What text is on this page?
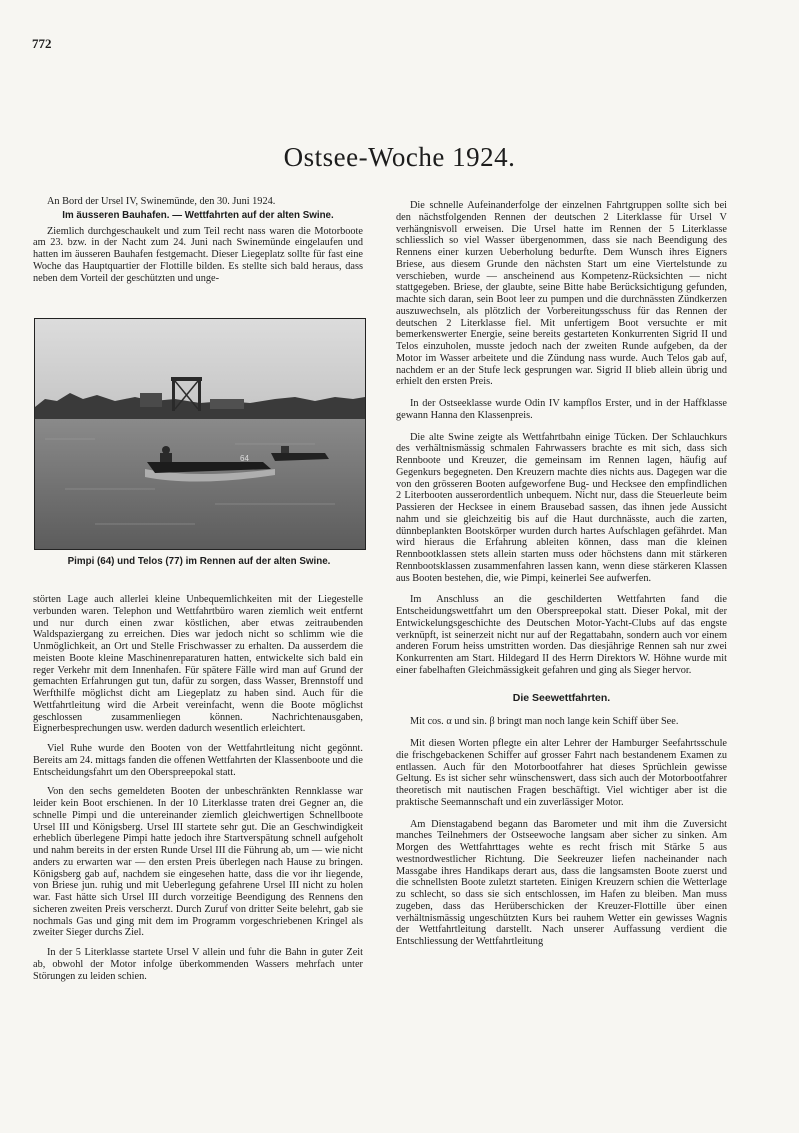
772
Ostsee-Woche 1924.

An Bord der Ursel IV, Swinemünde, den 30. Juni 1924.

Im äusseren Bauhafen. — Wettfahrten auf der alten Swine.

Ziemlich durchgeschaukelt und zum Teil recht nass waren die Motorboote am 23. bzw. in der Nacht zum 24. Juni nach Swinemünde eingelaufen und hatten im äusseren Bauhafen festgemacht. Dieser Liegeplatz sollte für fast eine Woche das Hauptquartier der Flottille bilden. Es stellte sich bald heraus, dass neben dem Vorteil der geschützten und unge-

64
Pimpi (64) und Telos (77) im Rennen auf der alten Swine.

störten Lage auch allerlei kleine Unbequemlichkeiten mit der Liegestelle verbunden waren. Telephon und Wettfahrtbüro waren ziemlich weit entfernt und nur durch einen zwar köstlichen, aber etwas zeitraubenden Waldspaziergang zu erreichen. Dies war jedoch nicht so schlimm wie die Unmöglichkeit, an Ort und Stelle Frischwasser zu erhalten. Da ausserdem die meisten Boote kleine Maschinenreparaturen hatten, entwickelte sich bald ein reger Verkehr mit dem Innenhafen. Für spätere Fälle wird man auf Grund der gemachten Erfahrungen gut tun, dafür zu sorgen, dass Wasser, Brennstoff und Werfthilfe möglichst dicht am Liegeplatz zu haben sind. Auch für die Wettfahrtleitung wird die Arbeit vereinfacht, wenn die Boote möglichst geschlossen zusammenliegen können. Nachrichtenausgaben, Eignerbesprechungen usw. werden dadurch wesentlich erleichtert.

Viel Ruhe wurde den Booten von der Wettfahrtleitung nicht gegönnt. Bereits am 24. mittags fanden die offenen Wettfahrten der Klassenboote und die Entscheidungsfahrt um den Oberspreepokal statt.

Von den sechs gemeldeten Booten der unbeschränkten Rennklasse war leider kein Boot erschienen. In der 10 Literklasse traten drei Gegner an, die schnelle Pimpi und die untereinander ziemlich gleichwertigen Schnellboote Ursel III und Königsberg. Ursel III startete sehr gut. Die an Geschwindigkeit erheblich überlegene Pimpi hatte jedoch ihre Startverspätung schnell aufgeholt und nahm bereits in der ersten Runde Ursel III die Führung ab, um — wie nicht anders zu erwarten war — den ersten Preis überlegen nach Hause zu bringen. Königsberg gab auf, nachdem sie eingesehen hatte, dass die vor ihr liegende, von Briese jun. ruhig und mit Ueberlegung gefahrene Ursel III nicht zu holen war. Fast hätte sich Ursel III durch vorzeitige Beendigung des Rennens den sicheren zweiten Preis verscherzt. Durch Zuruf von dritter Seite belehrt, gab sie nochmals Gas und ging mit dem im Programm vorgeschriebenen Kringel als zweiter Sieger durchs Ziel.

In der 5 Literklasse startete Ursel V allein und fuhr die Bahn in guter Zeit ab, obwohl der Motor infolge überkommenden Wassers mehrfach unter Störungen zu leiden schien.

Die schnelle Aufeinanderfolge der einzelnen Fahrtgruppen sollte sich bei den nächstfolgenden Rennen der deutschen 2 Literklasse für Ursel V verhängnisvoll erweisen. Die Ursel hatte im Rennen der 5 Literklasse schliesslich so viel Wasser übergenommen, dass sie nach Beendigung des Rennens einer kurzen Ueberholung bedurfte. Dem Wunsch ihres Eigners Briese, aus diesem Grunde den nächsten Start um eine Viertelstunde zu verschieben, wurde — anscheinend aus Kompetenz-Rücksichten — nicht stattgegeben. Briese, der glaubte, seine Bitte habe Berücksichtigung gefunden, machte sich daran, sein Boot leer zu pumpen und die durchnässten Zündkerzen auszuwechseln, als plötzlich der Vorbereitungsschuss für das Rennen der deutschen 2 Literklasse fiel. Mit unfertigem Boot versuchte er mit bemerkenswerter Energie, seine bereits gestarteten Konkurrenten Sigrid II und Telos einzuholen, musste jedoch nach der zweiten Runde aufgeben, da der Motor im Wasser arbeitete und die Zündung nass wurde. Auch Telos gab auf, nachdem er an der Stufe leck gesprungen war. Sigrid II blieb allein übrig und erhielt den ersten Preis.

In der Ostseeklasse wurde Odin IV kampflos Erster, und in der Haffklasse gewann Hanna den Klassenpreis.

Die alte Swine zeigte als Wettfahrtbahn einige Tücken. Der Schlauchkurs des verhältnismässig schmalen Fahrwassers brachte es mit sich, dass sich Rennboote und Kreuzer, die gemeinsam im Rennen lagen, häufig auf Gegenkurs begegneten. Den Kreuzern machte dies nichts aus. Dagegen war die von den grösseren Booten aufgeworfene Bug- und Hecksee den empfindlichen 2 Literbooten ausserordentlich unbequem. Nicht nur, dass die Steuerleute beim Passieren der Hecksee in einem Brausebad sassen, das ihnen jede Aussicht nahm und sie gleichzeitig bis auf die Haut durchnässte, auch die zarten, dünnbeplankten Bootskörper wurden durch hartes Aufschlagen gefährdet. Man wird hieraus die Erfahrung ableiten können, dass man die kleinen Rennbootklassen stets allein starten muss oder höchstens dann mit stärkeren Rennbootsklassen zusammenfahren lassen kann, wenn diese stärkeren Klassen aus Booten bestehen, die, wie Pimpi, keinerlei See aufwerfen.

Im Anschluss an die geschilderten Wettfahrten fand die Entscheidungswettfahrt um den Oberspreepokal statt. Dieser Pokal, mit der Entwickelungsgeschichte des Deutschen Motor-Yacht-Clubs auf das engste verknüpft, ist seinerzeit nicht nur auf der Regattabahn, sondern auch vor einem anderen Forum heiss umstritten worden. Das diesjährige Rennen sah nur zwei Konkurrenten am Start. Hildegard II des Herrn Direktors W. Höhne wurde mit einer fabelhaften Gleichmässigkeit gefahren und ging als Sieger hervor.

Die Seewettfahrten.

Mit cos. α und sin. β bringt man noch lange kein Schiff über See.

Mit diesen Worten pflegte ein alter Lehrer der Hamburger Seefahrtsschule die frischgebackenen Schiffer auf grosser Fahrt nach bestandenem Examen zu entlassen. Auch für den Motorbootfahrer hat dieses Sprüchlein gewisse Geltung. Es ist sicher sehr wünschenswert, dass sich auch der Motorbootfahrer theoretisch mit nautischen Fragen beschäftigt. Viel wichtiger aber ist die praktische Seemannschaft und ein zuverlässiger Motor.

Am Dienstagabend begann das Barometer und mit ihm die Zuversicht manches Teilnehmers der Ostseewoche langsam aber sicher zu sinken. Am Morgen des Wettfahrttages wehte es recht frisch mit Stärke 5 aus westnordwestlicher Richtung. Die Seekreuzer liefen nacheinander nach Massgabe ihres Handikaps derart aus, dass die langsamsten Boote zuerst und die schnellsten Boote zuletzt starteten. Einigen Kreuzern schien die Wetterlage zu schlecht, so dass sie sich entschlossen, im Hafen zu bleiben. Man muss zugeben, dass das Herüberschicken der Kreuzer-Flottille über einen verhältnismässig ungeschützten Kurs bei rauhem Wetter ein gewisses Wagnis der Wettfahrtleitung darstellt. Nach unserer Auffassung verdient die Entschliessung der Wettfahrtleitung
